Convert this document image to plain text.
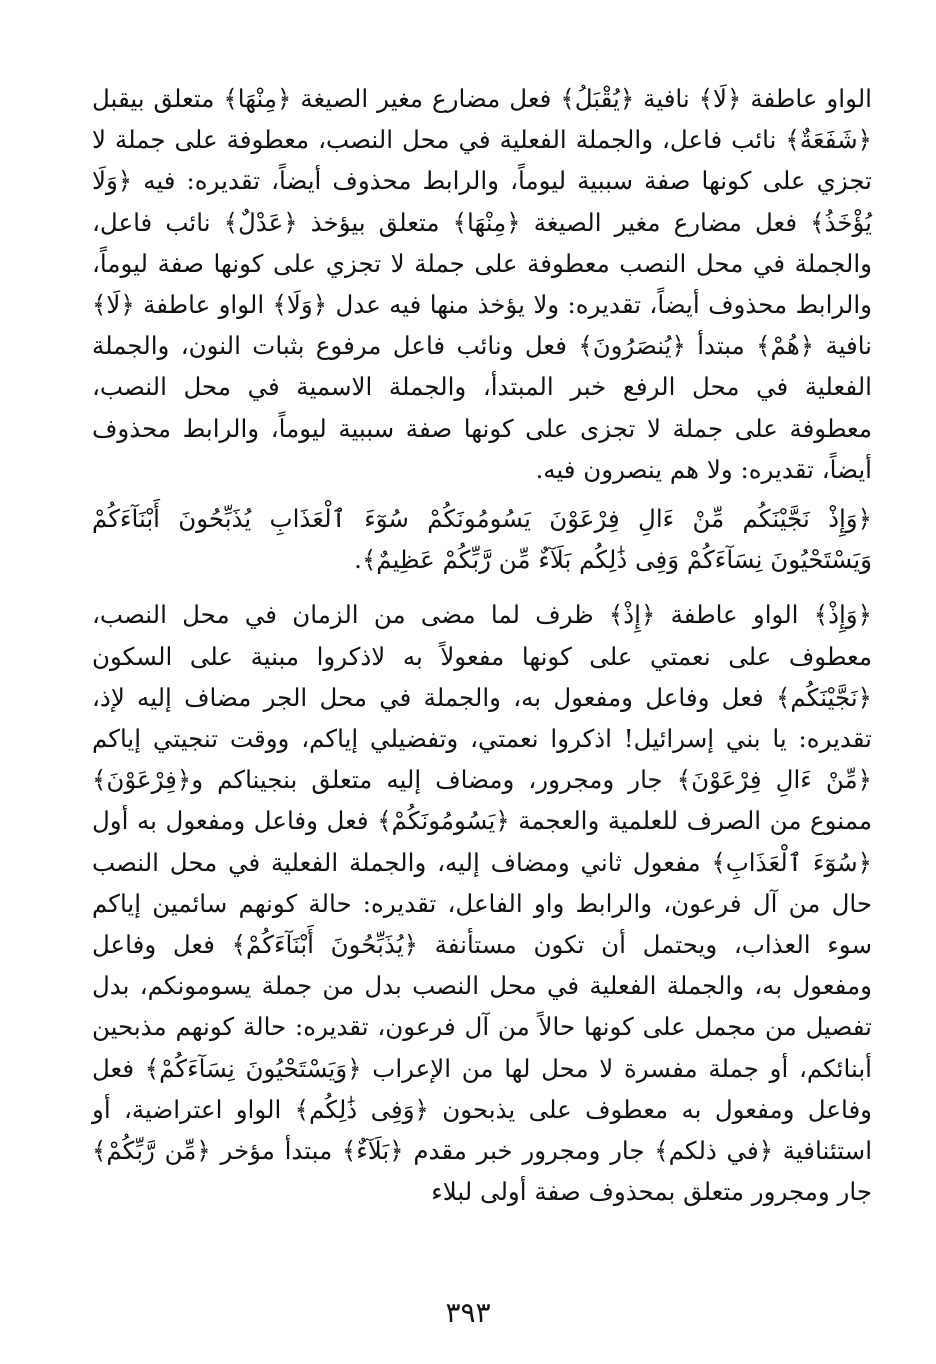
الواو عاطفة ﴿لَا﴾ نافية ﴿يُقْبَلُ﴾ فعل مضارع مغير الصيغة ﴿مِنْهَا﴾ متعلق بيقبل ﴿شَفَعَةٌ﴾ نائب فاعل، والجملة الفعلية في محل النصب، معطوفة على جملة لا تجزي على كونها صفة سببية ليوماً، والرابط محذوف أيضاً، تقديره: فيه ﴿وَلَا يُؤْخَذُ﴾ فعل مضارع مغير الصيغة ﴿مِنْهَا﴾ متعلق بيؤخذ ﴿عَدْلٌ﴾ نائب فاعل، والجملة في محل النصب معطوفة على جملة لا تجزي على كونها صفة ليوماً، والرابط محذوف أيضاً، تقديره: ولا يؤخذ منها فيه عدل ﴿وَلَا﴾ الواو عاطفة ﴿لَا﴾ نافية ﴿هُمْ﴾ مبتدأ ﴿يُنصَرُونَ﴾ فعل ونائب فاعل مرفوع بثبات النون، والجملة الفعلية في محل الرفع خبر المبتدأ، والجملة الاسمية في محل النصب، معطوفة على جملة لا تجزى على كونها صفة سببية ليوماً، والرابط محذوف أيضاً، تقديره: ولا هم ينصرون فيه.

﴿وَإِذْ نَجَّيْنَكُم مِّنْ ءَالِ فِرْعَوْنَ يَسُومُونَكُمْ سُوٓءَ ٱلْعَذَابِ يُذَبِّحُونَ أَبْنَآءَكُمْ وَيَسْتَحْيُونَ نِسَآءَكُمْ وَفِى ذَٰلِكُم بَلَآءٌ مِّن رَّبِّكُمْ عَظِيمٌ﴾.

﴿وَإِذْ﴾ الواو عاطفة ﴿إِذْ﴾ ظرف لما مضى من الزمان في محل النصب، معطوف على نعمتي على كونها مفعولاً به لاذكروا مبنية على السكون ﴿نَجَّيْنَكُم﴾ فعل وفاعل ومفعول به، والجملة في محل الجر مضاف إليه لإذ، تقديره: يا بني إسرائيل! اذكروا نعمتي، وتفضيلي إياكم، ووقت تنجيتي إياكم ﴿مِّنْ ءَالِ فِرْعَوْنَ﴾ جار ومجرور، ومضاف إليه متعلق بنجيناكم و﴿فِرْعَوْنَ﴾ ممنوع من الصرف للعلمية والعجمة ﴿يَسُومُونَكُمْ﴾ فعل وفاعل ومفعول به أول ﴿سُوٓءَ ٱلْعَذَابِ﴾ مفعول ثاني ومضاف إليه، والجملة الفعلية في محل النصب حال من آل فرعون، والرابط واو الفاعل، تقديره: حالة كونهم سائمين إياكم سوء العذاب، ويحتمل أن تكون مستأنفة ﴿يُذَبِّحُونَ أَبْنَآءَكُمْ﴾ فعل وفاعل ومفعول به، والجملة الفعلية في محل النصب بدل من جملة يسومونكم، بدل تفصيل من مجمل على كونها حالاً من آل فرعون، تقديره: حالة كونهم مذبحين أبنائكم، أو جملة مفسرة لا محل لها من الإعراب ﴿وَيَسْتَحْيُونَ نِسَآءَكُمْ﴾ فعل وفاعل ومفعول به معطوف على يذبحون ﴿وَفِى ذَٰلِكُم﴾ الواو اعتراضية، أو استئنافية ﴿في ذلكم﴾ جار ومجرور خبر مقدم ﴿بَلَآءٌ﴾ مبتدأ مؤخر ﴿مِّن رَّبِّكُمْ﴾ جار ومجرور متعلق بمحذوف صفة أولى لبلاء

٣٩٣
